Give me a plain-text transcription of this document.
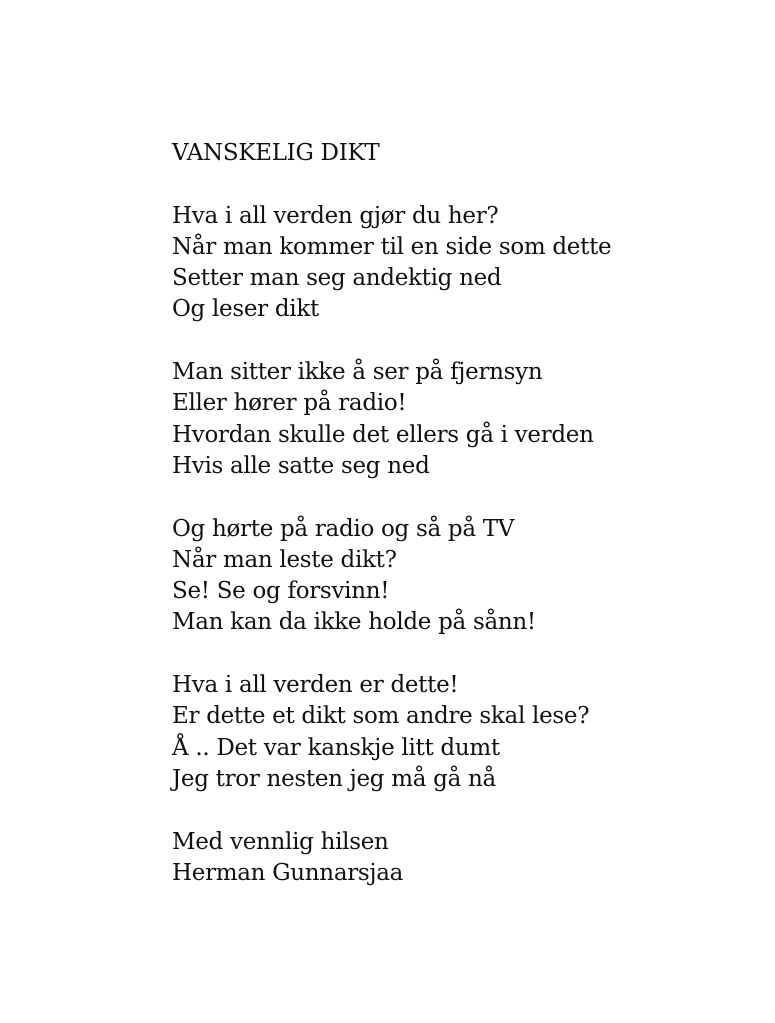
VANSKELIG DIKT
Hva i all verden gjør du her?
Når man kommer til en side som dette
Setter man seg andektig ned
Og leser dikt
Man sitter ikke å ser på fjernsyn
Eller hører på radio!
Hvordan skulle det ellers gå i verden
Hvis alle satte seg ned
Og hørte på radio og så på TV
Når man leste dikt?
Se! Se og forsvinn!
Man kan da ikke holde på sånn!
Hva i all verden er dette!
Er dette et dikt som andre skal lese?
Å .. Det var kanskje litt dumt
Jeg tror nesten jeg må gå nå
Med vennlig hilsen
Herman Gunnarsjaa
